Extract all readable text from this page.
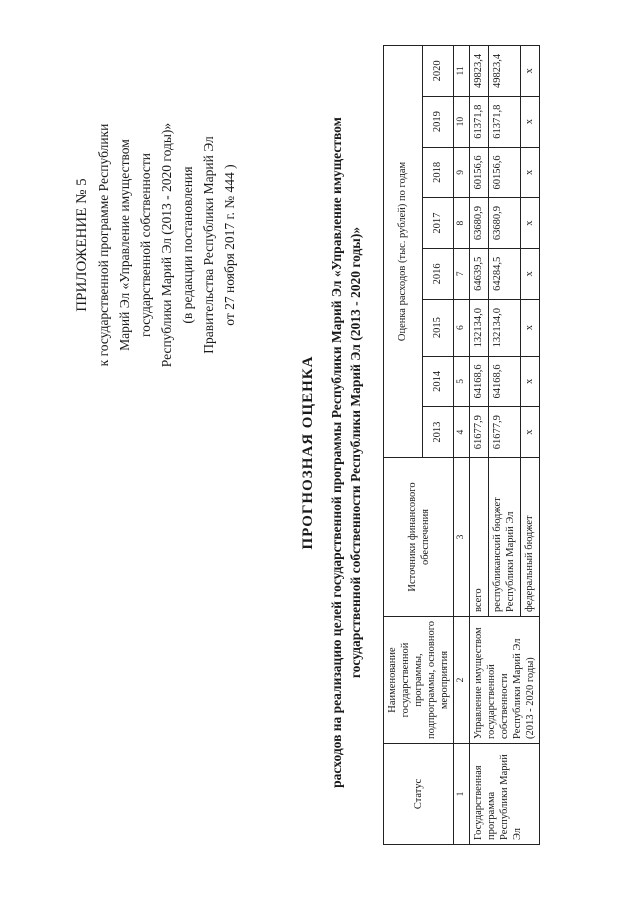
ПРИЛОЖЕНИЕ № 5 к государственной программе Республики Марий Эл «Управление имуществом государственной собственности Республики Марий Эл (2013 - 2020 годы)» (в редакции постановления Правительства Республики Марий Эл от 27 ноября 2017 г. № 444 )
ПРОГНОЗНАЯ ОЦЕНКА расходов на реализацию целей государственной программы Республики Марий Эл «Управление имуществом государственной собственности Республики Марий Эл (2013 - 2020 годы)»
Статус	Наименование государственной программы, подпрограммы, основного мероприятия	Источники финансового обеспечения	Оценка расходов (тыс. рублей) по годам							
			2013	2014	2015	2016	2017	2018	2019	2020
1	2	3	4	5	6	7	8	9	10	11
Государственная программа Республики Марий Эл	Управление имуществом государственной собственности Республики Марий Эл (2013 - 2020 годы)	всего	61677,9	64168,6	132134,0	64639,5	63680,9	60156,6	61371,8	49823,4
		республиканский бюджет Республики Марий Эл	61677,9	64168,6	132134,0	64284,5	63680,9	60156,6	61371,8	49823,4
		федеральный бюджет	x	x	x	x	x	x	x	x
